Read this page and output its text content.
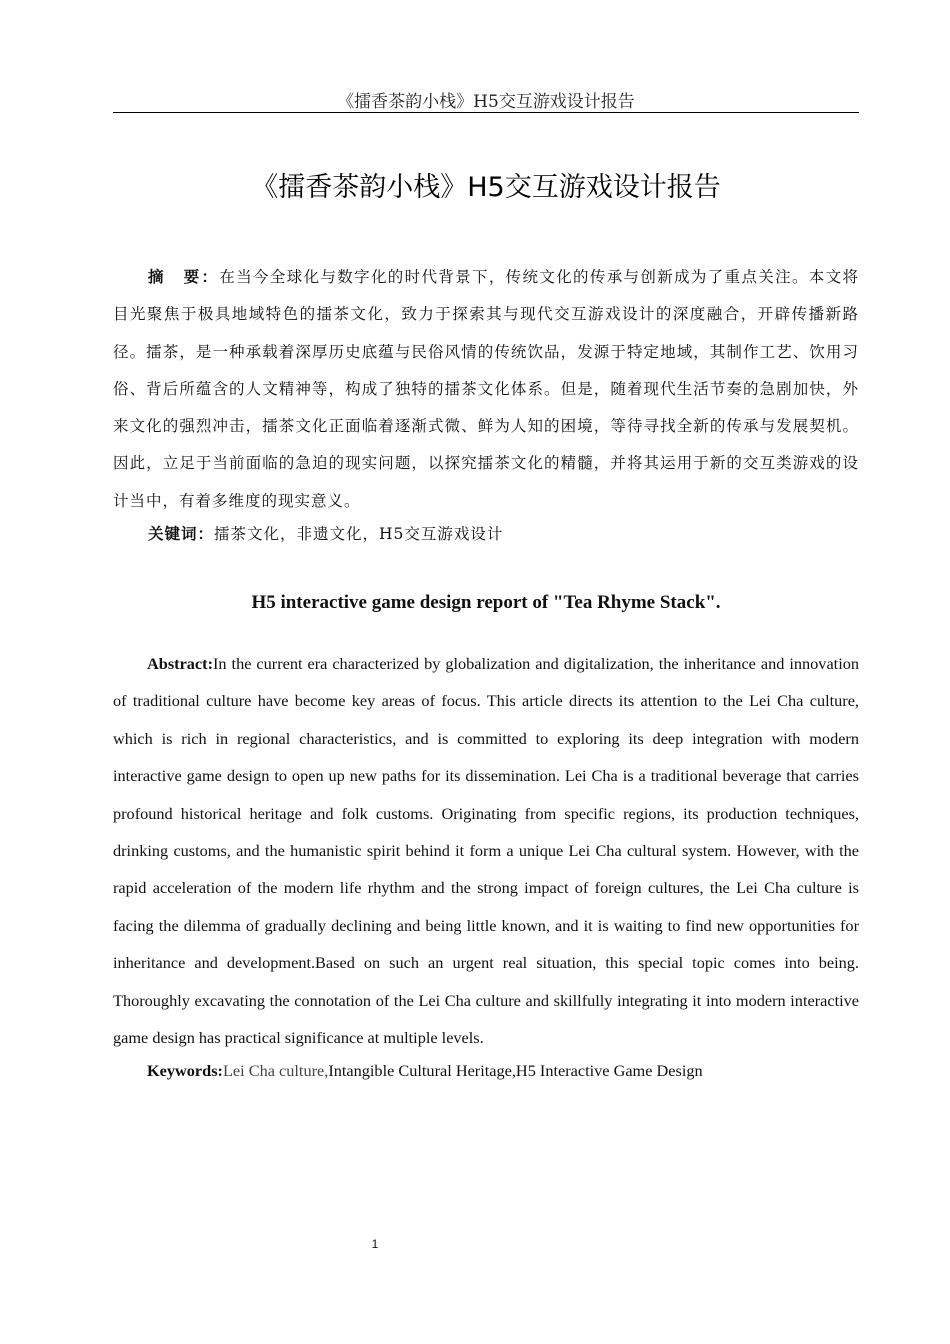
《擂香茶韵小栈》H5交互游戏设计报告
《擂香茶韵小栈》H5交互游戏设计报告

摘　要：在当今全球化与数字化的时代背景下，传统文化的传承与创新成为了重点关注。本文将目光聚焦于极具地域特色的擂茶文化，致力于探索其与现代交互游戏设计的深度融合，开辟传播新路径。擂茶，是一种承载着深厚历史底蕴与民俗风情的传统饮品，发源于特定地域，其制作工艺、饮用习俗、背后所蕴含的人文精神等，构成了独特的擂茶文化体系。但是，随着现代生活节奏的急剧加快，外来文化的强烈冲击，擂茶文化正面临着逐渐式微、鲜为人知的困境，等待寻找全新的传承与发展契机。因此，立足于当前面临的急迫的现实问题，以探究擂茶文化的精髓，并将其运用于新的交互类游戏的设计当中，有着多维度的现实意义。

关键词：擂茶文化，非遗文化，H5交互游戏设计

H5 interactive game design report of "Tea Rhyme Stack".

Abstract:In the current era characterized by globalization and digitalization, the inheritance and innovation of traditional culture have become key areas of focus. This article directs its attention to the Lei Cha culture, which is rich in regional characteristics, and is committed to exploring its deep integration with modern interactive game design to open up new paths for its dissemination. Lei Cha is a traditional beverage that carries profound historical heritage and folk customs. Originating from specific regions, its production techniques, drinking customs, and the humanistic spirit behind it form a unique Lei Cha cultural system. However, with the rapid acceleration of the modern life rhythm and the strong impact of foreign cultures, the Lei Cha culture is facing the dilemma of gradually declining and being little known, and it is waiting to find new opportunities for inheritance and development.Based on such an urgent real situation, this special topic comes into being. Thoroughly excavating the connotation of the Lei Cha culture and skillfully integrating it into modern interactive game design has practical significance at multiple levels.

Keywords:Lei Cha culture,Intangible Cultural Heritage,H5 Interactive Game Design

1
